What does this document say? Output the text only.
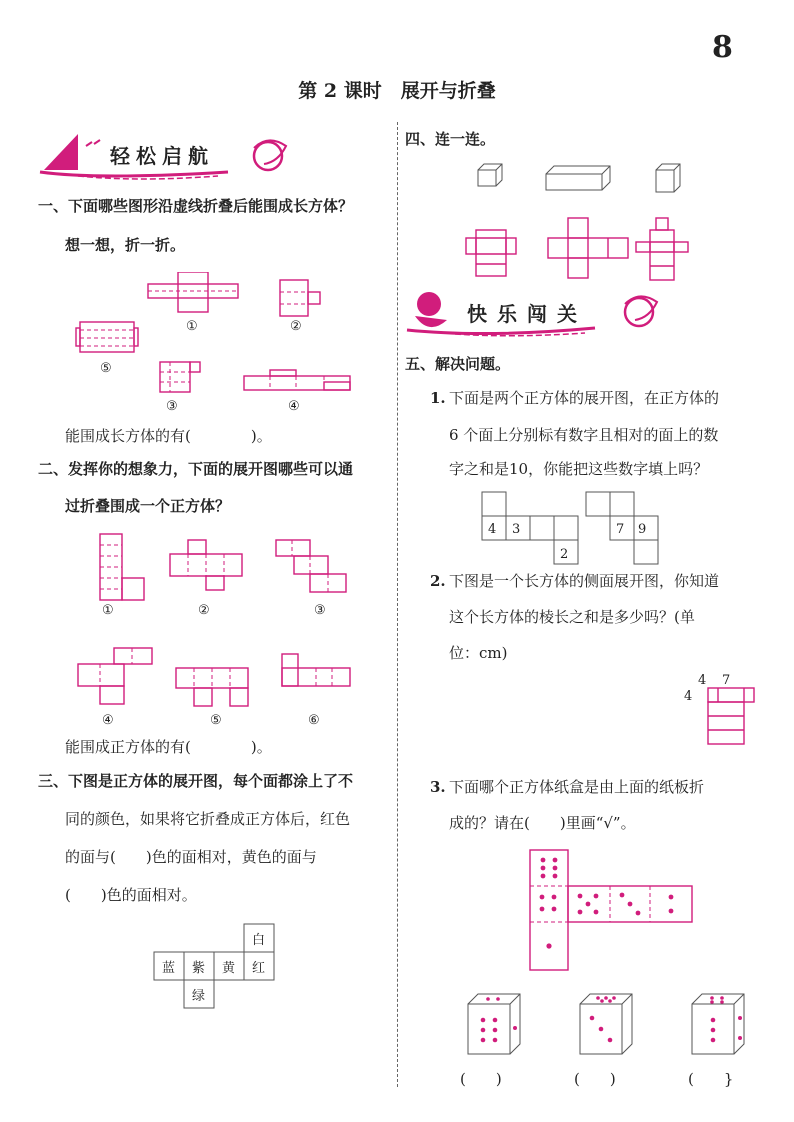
8
第 2 课时　展开与折叠
轻松启航
一、下面哪些图形沿虚线折叠后能围成长方体？
想一想，折一折。
①	②
⑤
③	④
能围成长方体的有(　　　　)。
二、发挥你的想象力，下面的展开图哪些可以通
过折叠围成一个正方体？
①	②	③
④	⑤	⑥
能围成正方体的有(　　　　)。
三、下图是正方体的展开图，每个面都涂上了不
同的颜色，如果将它折叠成正方体后，红色
的面与(　　)色的面相对，黄色的面与
(　　)色的面相对。
白
蓝 紫 黄 红
绿
四、连一连。
快乐闯关
五、解决问题。
1. 下面是两个正方体的展开图，在正方体的
6 个面上分别标有数字且相对的面上的数
字之和是10，你能把这些数字填上吗？
4 3
2
7 9
2. 下图是一个长方体的侧面展开图，你知道
这个长方体的棱长之和是多少吗？(单
位：cm)
4 7
4
3. 下面哪个正方体纸盒是由上面的纸板折
成的？请在(　　)里画“√”。
(　　)	(　　)	(　　}
